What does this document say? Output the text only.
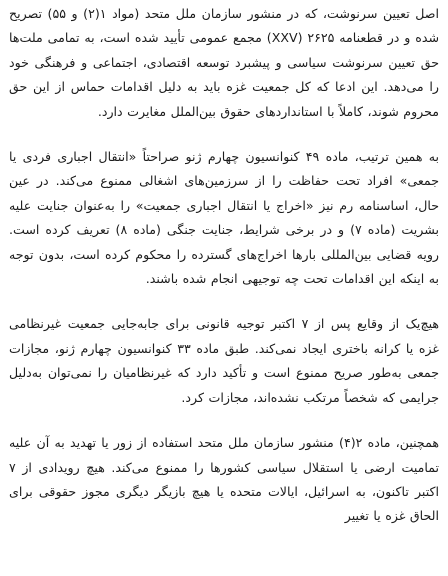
اصل تعیین سرنوشت، که در منشور سازمان ملل متحد (مواد ۱(۲) و ۵۵) تصریح شده و در قطعنامه ۲۶۲۵ (XXV) مجمع عمومی تأیید شده است، به تمامی ملت‌ها حق تعیین سرنوشت سیاسی و پیشبرد توسعه اقتصادی، اجتماعی و فرهنگی خود را می‌دهد. این ادعا که کل جمعیت غزه باید به دلیل اقدامات حماس از این حق محروم شوند، کاملاً با استانداردهای حقوق بین‌الملل مغایرت دارد.

به همین ترتیب، ماده ۴۹ کنوانسیون چهارم ژنو صراحتاً «انتقال اجباری فردی یا جمعی» افراد تحت حفاظت را از سرزمین‌های اشغالی ممنوع می‌کند. در عین حال، اساسنامه رم نیز «اخراج یا انتقال اجباری جمعیت» را به‌عنوان جنایت علیه بشریت (ماده ۷) و در برخی شرایط، جنایت جنگی (ماده ۸) تعریف کرده است. رویه قضایی بین‌المللی بارها اخراج‌های گسترده را محکوم کرده است، بدون توجه به اینکه این اقدامات تحت چه توجیهی انجام شده باشند.

هیچ‌یک از وقایع پس از ۷ اکتبر توجیه قانونی برای جابه‌جایی جمعیت غیرنظامی غزه یا کرانه باختری ایجاد نمی‌کند. طبق ماده ۳۳ کنوانسیون چهارم ژنو، مجازات جمعی به‌طور صریح ممنوع است و تأکید دارد که غیرنظامیان را نمی‌توان به‌دلیل جرایمی که شخصاً مرتکب نشده‌اند، مجازات کرد.

همچنین، ماده ۲(۴) منشور سازمان ملل متحد استفاده از زور یا تهدید به آن علیه تمامیت ارضی یا استقلال سیاسی کشورها را ممنوع می‌کند. هیچ رویدادی از ۷ اکتبر تاکنون، به اسرائیل، ایالات متحده یا هیچ بازیگر دیگری مجوز حقوقی برای الحاق غزه یا تغییر
